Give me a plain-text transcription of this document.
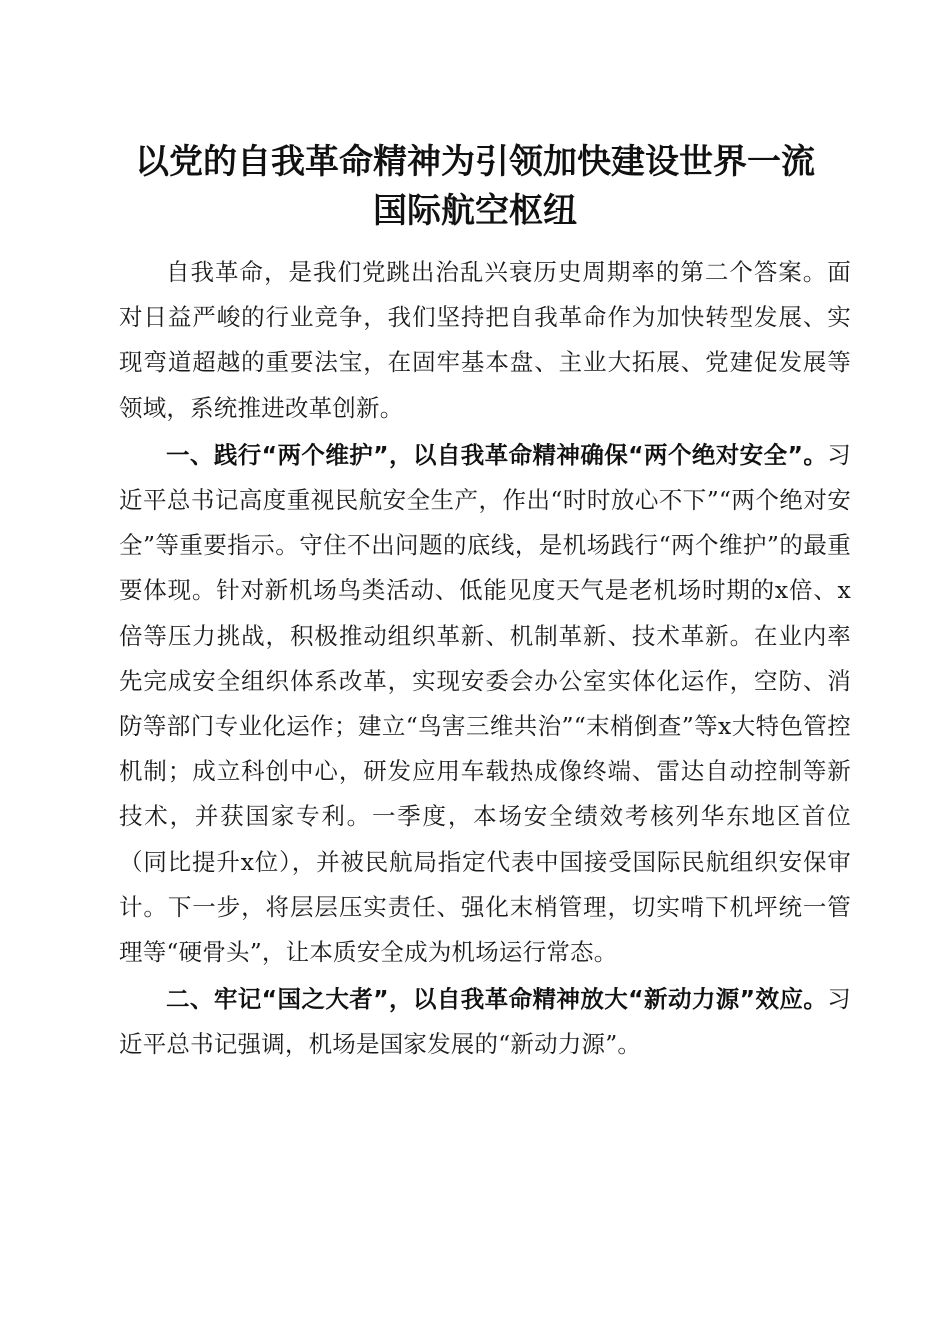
以党的自我革命精神为引领加快建设世界一流
国际航空枢纽

自我革命，是我们党跳出治乱兴衰历史周期率的第二个答案。面对日益严峻的行业竞争，我们坚持把自我革命作为加快转型发展、实现弯道超越的重要法宝，在固牢基本盘、主业大拓展、党建促发展等领域，系统推进改革创新。

一、践行“两个维护”，以自我革命精神确保“两个绝对安全”。习近平总书记高度重视民航安全生产，作出“时时放心不下”“两个绝对安全”等重要指示。守住不出问题的底线，是机场践行“两个维护”的最重要体现。针对新机场鸟类活动、低能见度天气是老机场时期的x倍、x倍等压力挑战，积极推动组织革新、机制革新、技术革新。在业内率先完成安全组织体系改革，实现安委会办公室实体化运作，空防、消防等部门专业化运作；建立“鸟害三维共治”“末梢倒查”等x大特色管控机制；成立科创中心，研发应用车载热成像终端、雷达自动控制等新技术，并获国家专利。一季度，本场安全绩效考核列华东地区首位（同比提升x位），并被民航局指定代表中国接受国际民航组织安保审计。下一步，将层层压实责任、强化末梢管理，切实啃下机坪统一管理等“硬骨头”，让本质安全成为机场运行常态。

二、牢记“国之大者”，以自我革命精神放大“新动力源”效应。习近平总书记强调，机场是国家发展的“新动力源”。
